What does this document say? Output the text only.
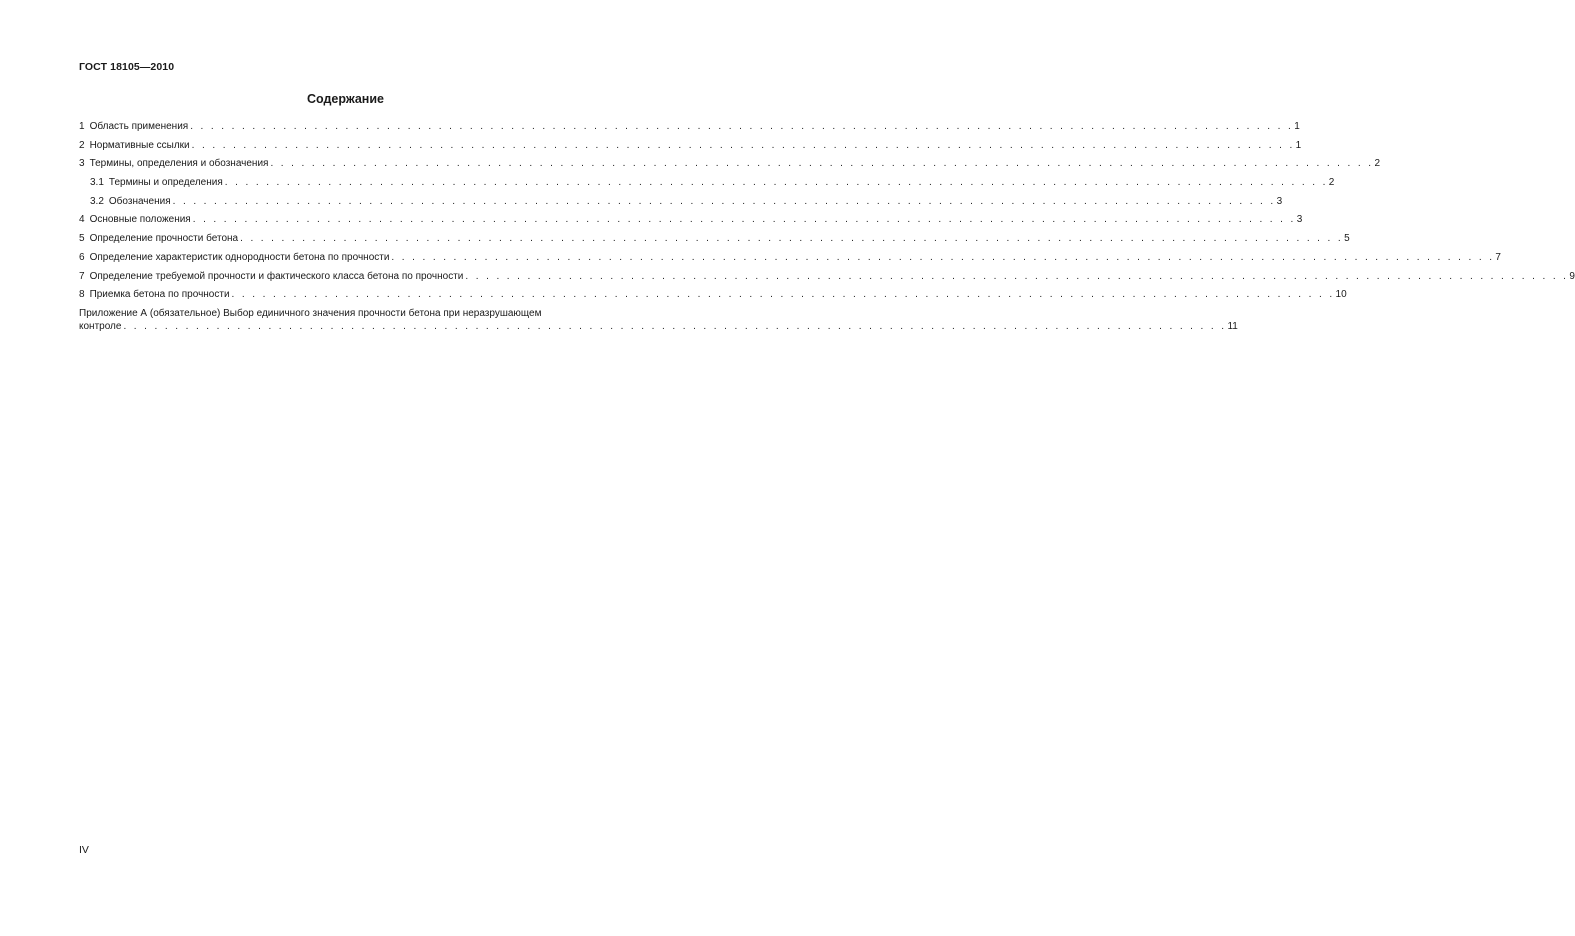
ГОСТ 18105—2010
Содержание
1 Область применения . . . . . . . . . . . . . . . . . . . . . . . . . . . . . . . . . . . . . . . . . . . . . . . . . . . . . . . . . . . . . . . . . . . . . . . . . . . . . . . . . . . . . . . . . . . . . . . . . . . . . . . . . . . 1
2 Нормативные ссылки . . . . . . . . . . . . . . . . . . . . . . . . . . . . . . . . . . . . . . . . . . . . . . . . . . . . . . . . . . . . . . . . . . . . . . . . . . . . . . . . . . . . . . . . . . . . . . . . . . . . . . . . . . . 1
3 Термины, определения и обозначения . . . . . . . . . . . . . . . . . . . . . . . . . . . . . . . . . . . . . . . . . . . . . . . . . . . . . . . . . . . . . . . . . . . . . . . . . . . . . . . . . . . . . . . . . . . . . . . . . . . . . . . . . . . 2
3.1 Термины и определения . . . . . . . . . . . . . . . . . . . . . . . . . . . . . . . . . . . . . . . . . . . . . . . . . . . . . . . . . . . . . . . . . . . . . . . . . . . . . . . . . . . . . . . . . . . . . . . . . . . . . . . . . . . 2
3.2 Обозначения . . . . . . . . . . . . . . . . . . . . . . . . . . . . . . . . . . . . . . . . . . . . . . . . . . . . . . . . . . . . . . . . . . . . . . . . . . . . . . . . . . . . . . . . . . . . . . . . . . . . . . . . . . . 3
4 Основные положения . . . . . . . . . . . . . . . . . . . . . . . . . . . . . . . . . . . . . . . . . . . . . . . . . . . . . . . . . . . . . . . . . . . . . . . . . . . . . . . . . . . . . . . . . . . . . . . . . . . . . . . . . . . 3
5 Определение прочности бетона . . . . . . . . . . . . . . . . . . . . . . . . . . . . . . . . . . . . . . . . . . . . . . . . . . . . . . . . . . . . . . . . . . . . . . . . . . . . . . . . . . . . . . . . . . . . . . . . . . . . . . . . . . . 5
6 Определение характеристик однородности бетона по прочности . . . . . . . . . . . . . . . . . . . . . . . . . . . . . . . . . . . . . . . . . . . . . . . . . . . . . . . . . . . . . . . . . . . . . . . . . . . . . . . . . . . . . . . . . . . . . . . . . . . . . . . . . . . 7
7 Определение требуемой прочности и фактического класса бетона по прочности . . . . . . . . . . . . . . . . . . . . . . . . . . . . . . . . . . . . . . . . . . . . . . . . . . . . . . . . . . . . . . . . . . . . . . . . . . . . . . . . . . . . . . . . . . . . . . . . . . . . . . . . . . . 9
8 Приемка бетона по прочности . . . . . . . . . . . . . . . . . . . . . . . . . . . . . . . . . . . . . . . . . . . . . . . . . . . . . . . . . . . . . . . . . . . . . . . . . . . . . . . . . . . . . . . . . . . . . . . . . . . . . . . . . . . 10
Приложение А (обязательное) Выбор единичного значения прочности бетона при неразрушающем
контроле . . . . . . . . . . . . . . . . . . . . . . . . . . . . . . . . . . . . . . . . . . . . . . . . . . . . . . . . . . . . . . . . . . . . . . . . . . . . . . . . . . . . . . . . . . . . . . . . . . . . . . . . . . . 11
IV
